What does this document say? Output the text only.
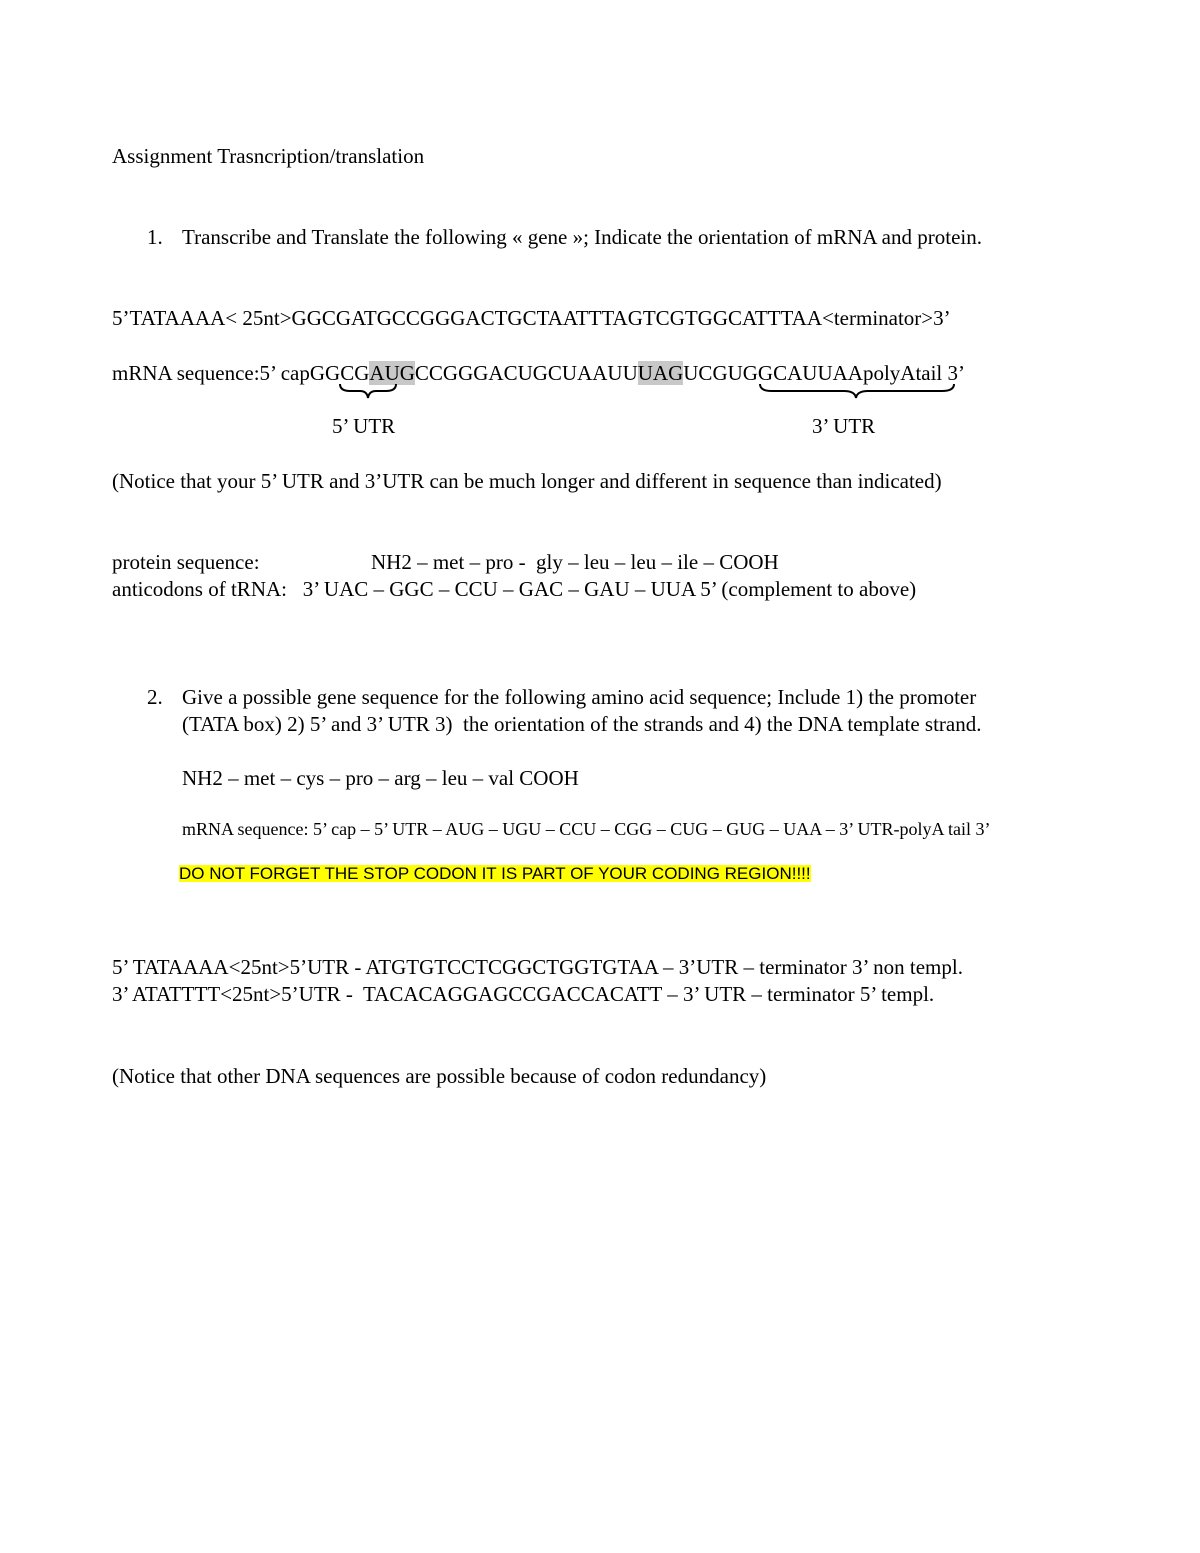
Assignment Trasncription/translation
1. Transcribe and Translate the following « gene »; Indicate the orientation of mRNA and protein.
5’TATAAAA< 25nt>GGCGATGCCGGGACTGCTAATTTAGTCGTGGCATTTAA<terminator>3’
mRNA sequence:5’ capGGCGAUGCCGGGACUGCUAAUUUAGUCGUGGCAUUAApolyAtail 3’
5’ UTR	3’ UTR
(Notice that your 5’ UTR and 3’UTR can be much longer and different in sequence than indicated)
protein sequence:	NH2 – met – pro -  gly – leu – leu – ile – COOH
anticodons of tRNA:   3’ UAC – GGC – CCU – GAC – GAU – UUA 5’ (complement to above)
2. Give a possible gene sequence for the following amino acid sequence; Include 1) the promoter
(TATA box) 2) 5’ and 3’ UTR 3)  the orientation of the strands and 4) the DNA template strand.
NH2 – met – cys – pro – arg – leu – val COOH
mRNA sequence: 5’ cap – 5’ UTR – AUG – UGU – CCU – CGG – CUG – GUG – UAA – 3’ UTR-polyA tail 3’
DO NOT FORGET THE STOP CODON IT IS PART OF YOUR CODING REGION!!!!
5’ TATAAAA<25nt>5’UTR - ATGTGTCCTCGGCTGGTGTAA – 3’UTR – terminator 3’ non templ.
3’ ATATTTT<25nt>5’UTR -  TACACAGGAGCCGACCACATT – 3’ UTR – terminator 5’ templ.
(Notice that other DNA sequences are possible because of codon redundancy)
